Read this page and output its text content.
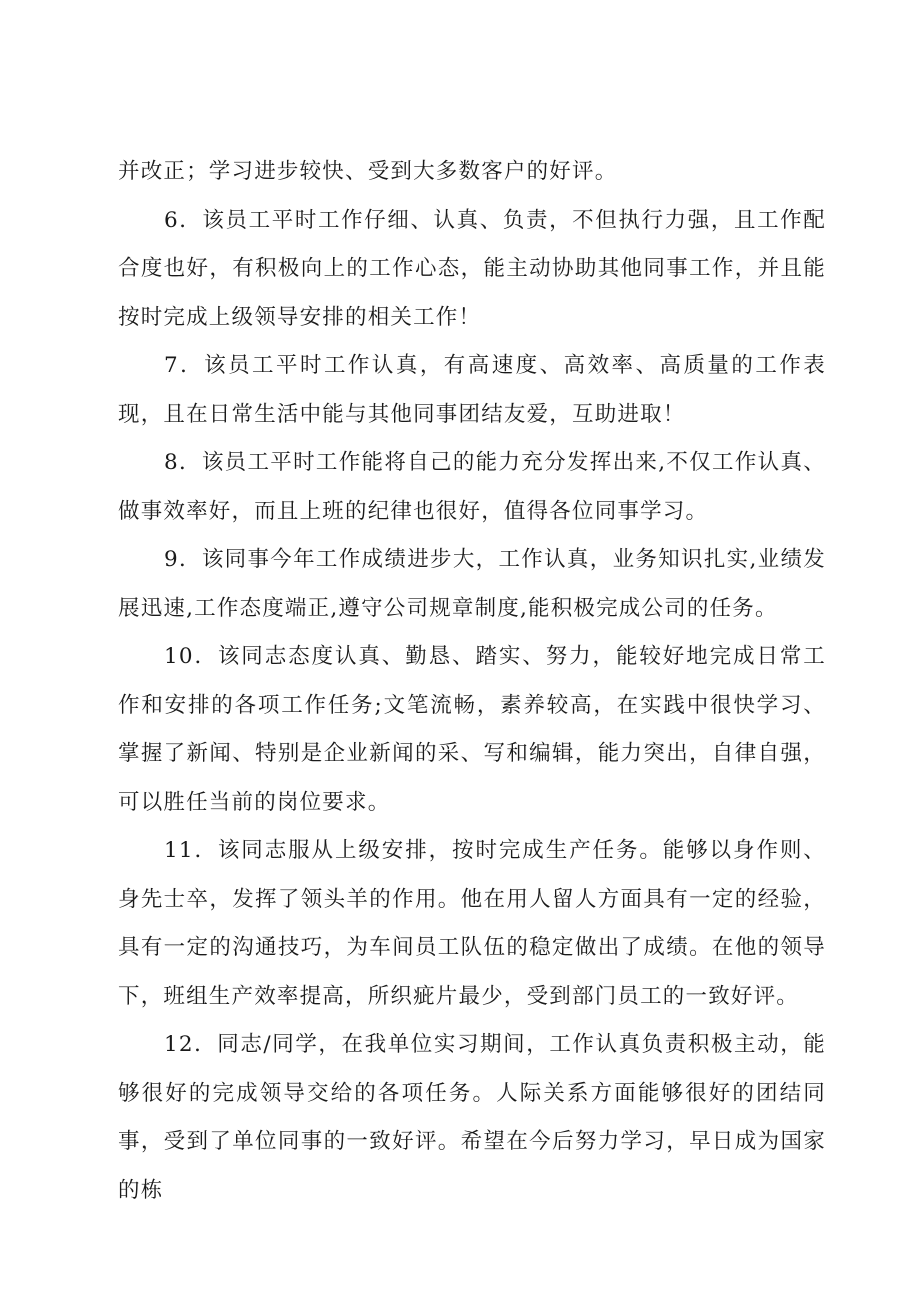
并改正；学习进步较快、受到大多数客户的好评。

6．该员工平时工作仔细、认真、负责，不但执行力强，且工作配合度也好，有积极向上的工作心态，能主动协助其他同事工作，并且能按时完成上级领导安排的相关工作！

7．该员工平时工作认真，有高速度、高效率、高质量的工作表现，且在日常生活中能与其他同事团结友爱，互助进取！

8．该员工平时工作能将自己的能力充分发挥出来,不仅工作认真、做事效率好，而且上班的纪律也很好，值得各位同事学习。

9．该同事今年工作成绩进步大，工作认真，业务知识扎实,业绩发展迅速,工作态度端正,遵守公司规章制度,能积极完成公司的任务。

10．该同志态度认真、勤恳、踏实、努力，能较好地完成日常工作和安排的各项工作任务;文笔流畅，素养较高，在实践中很快学习、掌握了新闻、特别是企业新闻的采、写和编辑，能力突出，自律自强，可以胜任当前的岗位要求。

11．该同志服从上级安排，按时完成生产任务。能够以身作则、身先士卒，发挥了领头羊的作用。他在用人留人方面具有一定的经验，具有一定的沟通技巧，为车间员工队伍的稳定做出了成绩。在他的领导下，班组生产效率提高，所织疵片最少，受到部门员工的一致好评。

12．同志/同学，在我单位实习期间，工作认真负责积极主动，能够很好的完成领导交给的各项任务。人际关系方面能够很好的团结同事，受到了单位同事的一致好评。希望在今后努力学习，早日成为国家的栋
